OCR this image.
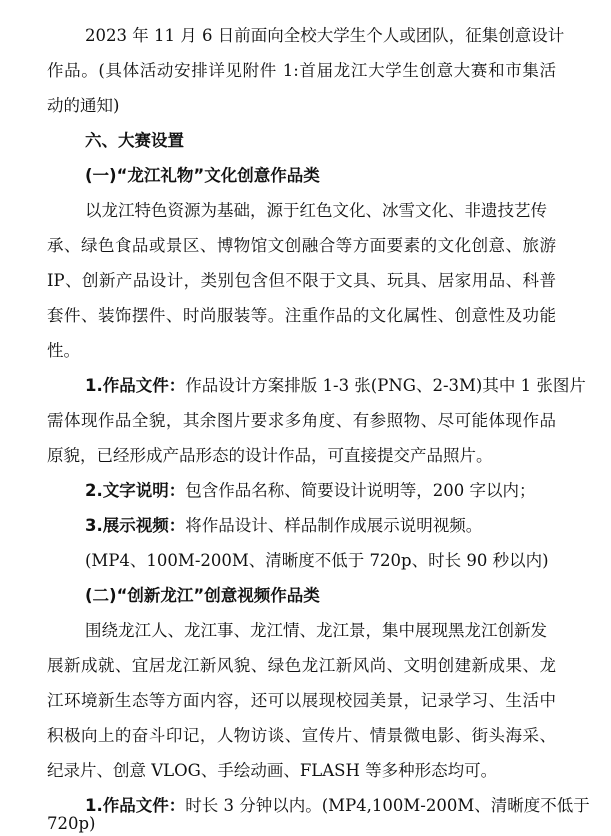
2023 年 11 月 6 日前面向全校大学生个人或团队，征集创意设计
作品。(具体活动安排详见附件 1:首届龙江大学生创意大赛和市集活
动的通知)
六、大赛设置
(一)“龙江礼物”文化创意作品类
以龙江特色资源为基础，源于红色文化、冰雪文化、非遗技艺传
承、绿色食品或景区、博物馆文创融合等方面要素的文化创意、旅游
IP、创新产品设计，类别包含但不限于文具、玩具、居家用品、科普
套件、装饰摆件、时尚服装等。注重作品的文化属性、创意性及功能
性。
1.作品文件：作品设计方案排版 1-3 张(PNG、2-3M)其中 1 张图片
需体现作品全貌，其余图片要求多角度、有参照物、尽可能体现作品
原貌，已经形成产品形态的设计作品，可直接提交产品照片。
2.文字说明：包含作品名称、简要设计说明等，200 字以内；
3.展示视频：将作品设计、样品制作成展示说明视频。
(MP4、100M-200M、清晰度不低于 720p、时长 90 秒以内)
(二)“创新龙江”创意视频作品类
围绕龙江人、龙江事、龙江情、龙江景，集中展现黑龙江创新发
展新成就、宜居龙江新风貌、绿色龙江新风尚、文明创建新成果、龙
江环境新生态等方面内容，还可以展现校园美景，记录学习、生活中
积极向上的奋斗印记，人物访谈、宣传片、情景微电影、街头海采、
纪录片、创意 VLOG、手绘动画、FLASH 等多种形态均可。
1.作品文件：时长 3 分钟以内。(MP4,100M-200M、清晰度不低于
720p)
